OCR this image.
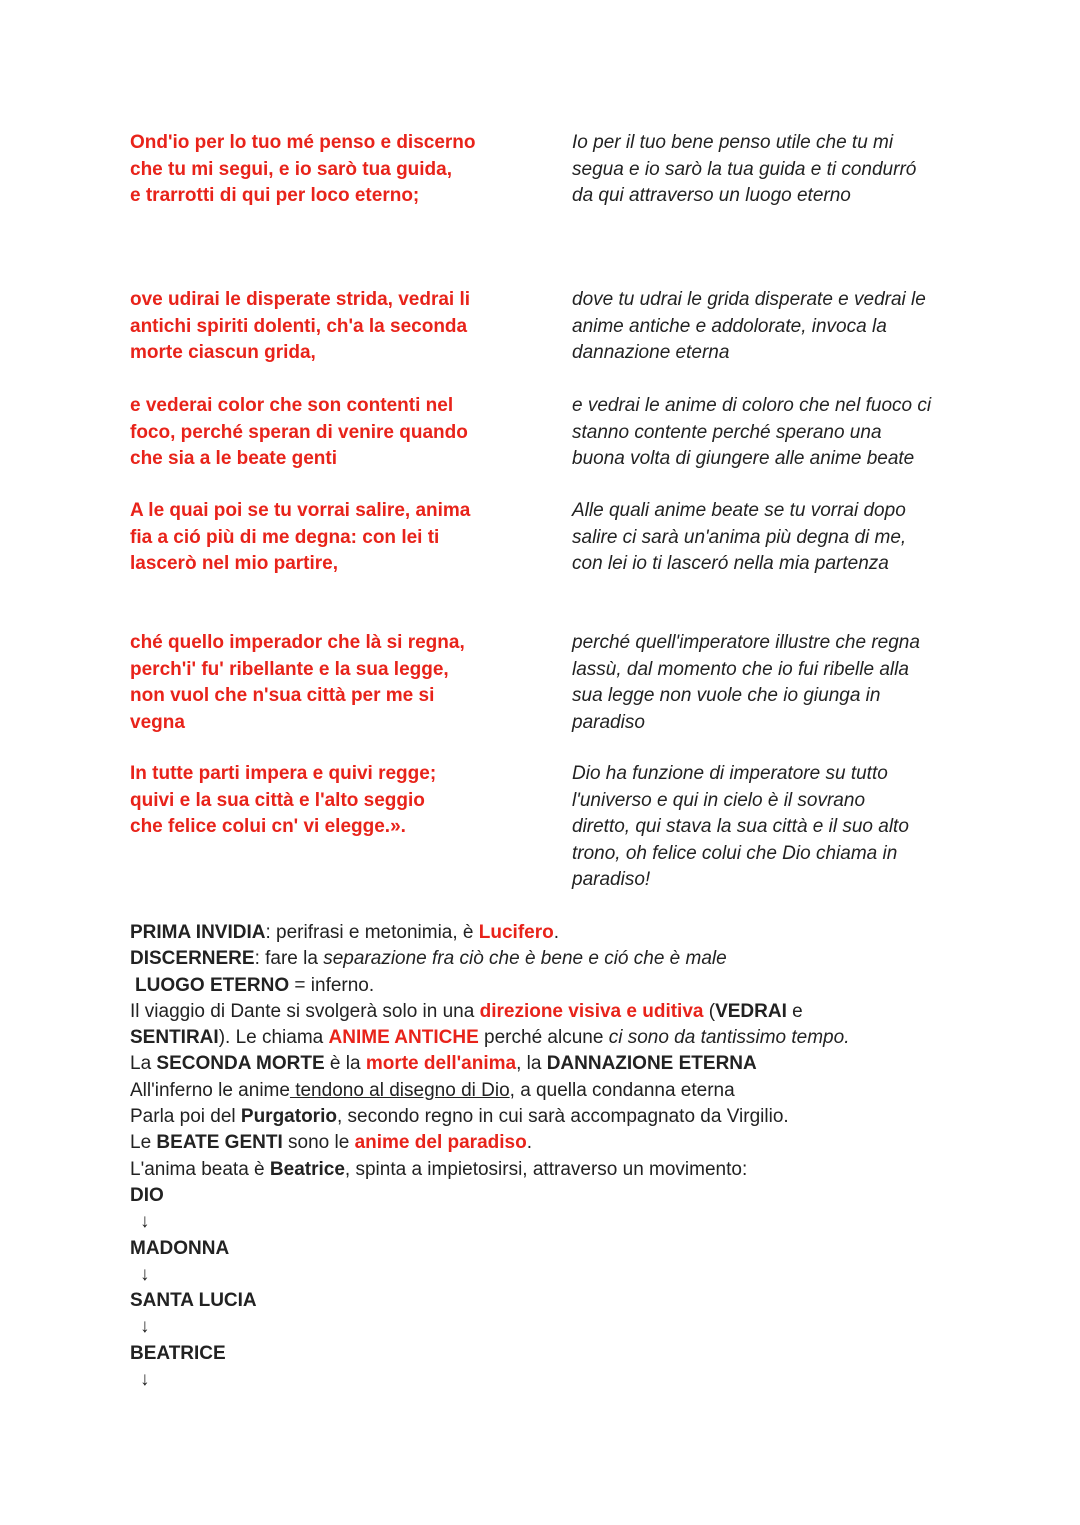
Ond'io per lo tuo mé penso e discerno
che tu mi segui, e io sarò tua guida,
e trarrotti di qui per loco eterno;
Io per il tuo bene penso utile che tu mi
segua e io sarò la tua guida e ti condurró
da qui attraverso un luogo eterno
ove udirai le disperate strida, vedrai li
antichi spiriti dolenti, ch'a la seconda
morte ciascun grida,
dove tu udrai le grida disperate e vedrai le
anime antiche e addolorate, invoca la
dannazione eterna
e vederai color che son contenti nel
foco, perché speran di venire quando
che sia a le beate genti
e vedrai le anime di coloro che nel fuoco ci
stanno contente perché sperano una
buona volta di giungere alle anime beate
A le quai poi se tu vorrai salire, anima
fia a ció più di me degna: con lei ti
lascerò nel mio partire,
Alle quali anime beate se tu vorrai dopo
salire ci sarà un'anima più degna di me,
con lei io ti lasceró nella mia partenza
ché quello imperador che là si regna,
perch'i' fu' ribellante e la sua legge,
non vuol che n'sua città per me si
vegna
perché quell'imperatore illustre che regna
lassù, dal momento che io fui ribelle alla
sua legge non vuole che io giunga in
paradiso
In tutte parti impera e quivi regge;
quivi e la sua città e l'alto seggio
che felice colui cn' vi elegge.».
Dio ha funzione di imperatore su tutto
l'universo e qui in cielo è il sovrano
diretto, qui stava la sua città e il suo alto
trono, oh felice colui che Dio chiama in
paradiso!

PRIMA INVIDIA: perifrasi e metonimia, è Lucifero.

DISCERNERE: fare la separazione fra ciò che è bene e ció che è male

LUOGO ETERNO = inferno.

Il viaggio di Dante si svolgerà solo in una direzione visiva e uditiva (VEDRAI e

SENTIRAI). Le chiama ANIME ANTICHE perché alcune ci sono da tantissimo tempo.

La SECONDA MORTE è la morte dell'anima, la DANNAZIONE ETERNA

All'inferno le anime tendono al disegno di Dio, a quella condanna eterna

Parla poi del Purgatorio, secondo regno in cui sarà accompagnato da Virgilio.

Le BEATE GENTI sono le anime del paradiso.

L'anima beata è Beatrice, spinta a impietosirsi, attraverso un movimento:

DIO

↓

MADONNA

↓

SANTA LUCIA

↓

BEATRICE

↓
